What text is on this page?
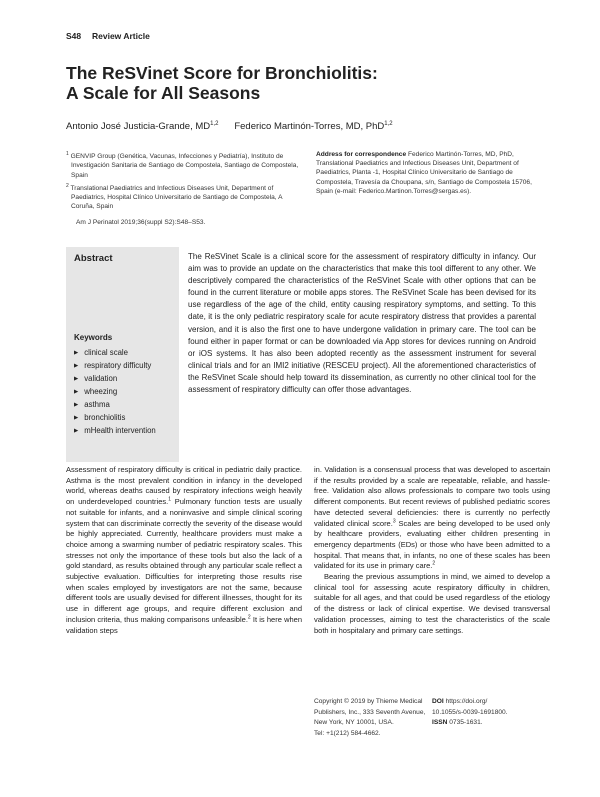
S48 Review Article
The ReSVinet Score for Bronchiolitis:
A Scale for All Seasons
Antonio José Justicia-Grande, MD$^{1,2}$ Federico Martinón-Torres, MD, PhD$^{1,2}$

$^1$ GENVIP Group (Genética, Vacunas, Infecciones y Pediatría), Instituto de Investigación Sanitaria de Santiago de Compostela, Santiago de Compostela, Spain

$^2$ Translational Paediatrics and Infectious Diseases Unit, Department of Paediatrics, Hospital Clínico Universitario de Santiago de Compostela, A Coruña, Spain

Address for correspondence Federico Martinón-Torres, MD, PhD, Translational Paediatrics and Infectious Diseases Unit, Department of Paediatrics, Planta -1, Hospital Clínico Universitario de Santiago de Compostela, Travesía da Choupana, s/n, Santiago de Compostela 15706, Spain (e-mail: Federico.Martinon.Torres@sergas.es).
Am J Perinatol 2019;36(suppl S2):S48–S53.
Abstract
Keywords
▶ clinical scale
▶ respiratory difficulty
▶ validation
▶ wheezing
▶ asthma
▶ bronchiolitis
▶ mHealth intervention

The ReSVinet Scale is a clinical score for the assessment of respiratory difficulty in infancy. Our aim was to provide an update on the characteristics that make this tool different to any other. We descriptively compared the characteristics of the ReSVinet Scale with other options that can be found in the current literature or mobile apps stores. The ReSVinet Scale has been devised for its use regardless of the age of the child, entity causing respiratory symptoms, and setting. To this date, it is the only pediatric respiratory scale for acute respiratory distress that provides a parental version, and it is also the first one to have undergone validation in primary care. The tool can be found either in paper format or can be downloaded via App stores for devices running on Android or iOS systems. It has also been adopted recently as the assessment instrument for several clinical trials and for an IMI2 initiative (RESCEU project). All the aforementioned characteristics of the ReSVinet Scale should help toward its dissemination, as currently no other clinical tool for the assessment of respiratory difficulty can offer those advantages.

Assessment of respiratory difficulty is critical in pediatric daily practice. Asthma is the most prevalent condition in infancy in the developed world, whereas deaths caused by respiratory infections weigh heavily on underdeveloped countries.$^1$ Pulmonary function tests are usually not suitable for infants, and a noninvasive and simple clinical scoring system that can discriminate correctly the severity of the disease would be highly appreciated. Currently, healthcare providers must make a choice among a swarming number of pediatric respiratory scales. This stresses not only the importance of these tools but also the lack of a gold standard, as results obtained through any particular scale reflect a subjective evaluation. Difficulties for interpreting those results rise when scales employed by investigators are not the same, because different tools are usually devised for different illnesses, thought for its use in different age groups, and require different exclusion and inclusion criteria, thus making comparisons unfeasible.$^2$ It is here when validation steps

in. Validation is a consensual process that was developed to ascertain if the results provided by a scale are repeatable, reliable, and hassle-free. Validation also allows professionals to compare two tools using different components. But recent reviews of published pediatric scores have detected several deficiencies: there is currently no perfectly validated clinical score.$^3$ Scales are being developed to be used only by healthcare providers, evaluating either children presenting in emergency departments (EDs) or those who have been admitted to a hospital. That means that, in infants, no one of these scales has been validated for its use in primary care.$^2$

Bearing the previous assumptions in mind, we aimed to develop a clinical tool for assessing acute respiratory difficulty in children, suitable for all ages, and that could be used regardless of the etiology of the distress or lack of clinical expertise. We devised transversal validation processes, aiming to test the characteristics of the scale both in hospitalary and primary care settings.

Copyright © 2019 by Thieme Medical
Publishers, Inc., 333 Seventh Avenue,
New York, NY 10001, USA.
Tel: +1(212) 584-4662.
DOI https://doi.org/
10.1055/s-0039-1691800.
ISSN 0735-1631.
